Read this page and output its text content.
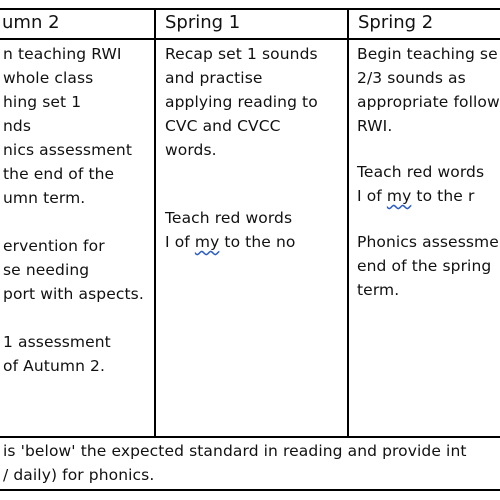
umn 2	Spring 1	Spring 2
n teaching RWI
whole class
hing set 1
nds
nics assessment
the end of the
umn term.
ervention for
se needing
port with aspects.
1 assessment
of Autumn 2.
Recap set 1 sounds
and practise
applying reading to
CVC and CVCC
words.
Teach red words
I of my to the no
Begin teaching se
2/3 sounds as
appropriate follow
RWI.
Teach red words
I of my to the r
Phonics assessme
end of the spring
term.
is 'below' the expected standard in reading and provide int
/ daily) for phonics.
